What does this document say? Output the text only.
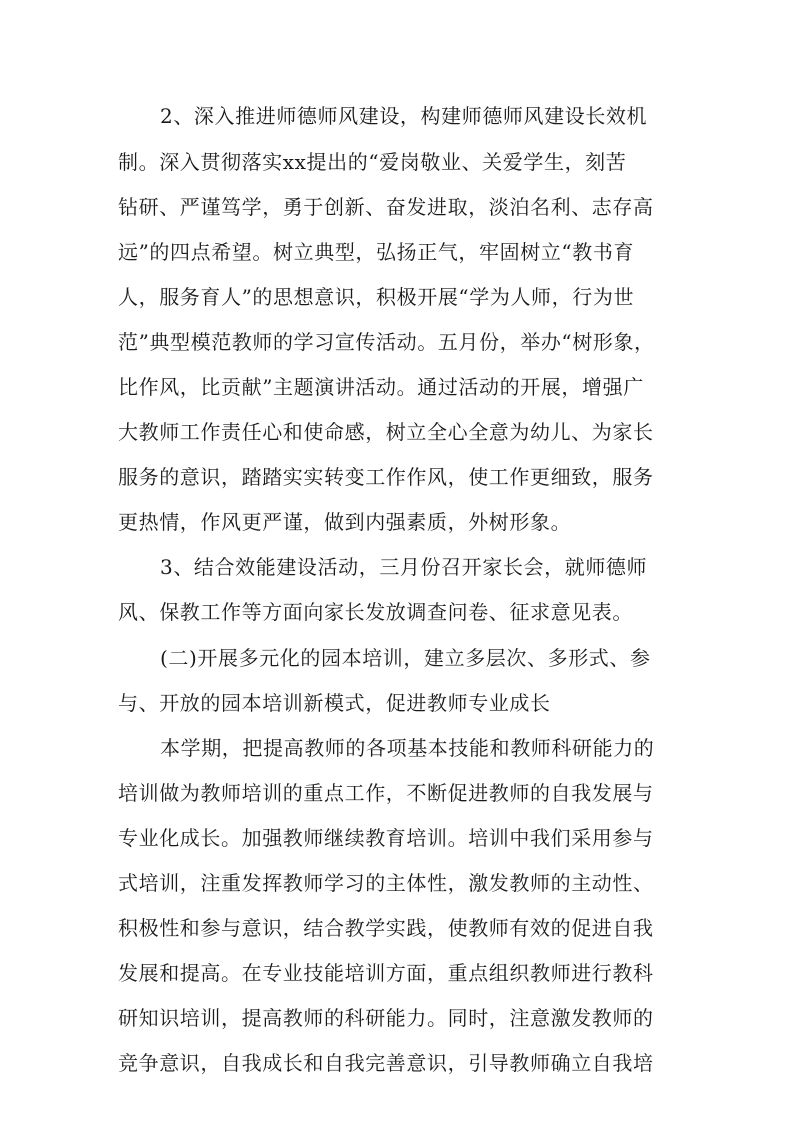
2、深入推进师德师风建设，构建师德师风建设长效机
制。深入贯彻落实xx提出的“爱岗敬业、关爱学生，刻苦
钻研、严谨笃学，勇于创新、奋发进取，淡泊名利、志存高
远”的四点希望。树立典型，弘扬正气，牢固树立“教书育
人，服务育人”的思想意识，积极开展“学为人师，行为世
范”典型模范教师的学习宣传活动。五月份，举办“树形象，
比作风，比贡献”主题演讲活动。通过活动的开展，增强广
大教师工作责任心和使命感，树立全心全意为幼儿、为家长
服务的意识，踏踏实实转变工作作风，使工作更细致，服务
更热情，作风更严谨，做到内强素质，外树形象。
3、结合效能建设活动，三月份召开家长会，就师德师
风、保教工作等方面向家长发放调查问卷、征求意见表。
(二)开展多元化的园本培训，建立多层次、多形式、参
与、开放的园本培训新模式，促进教师专业成长
本学期，把提高教师的各项基本技能和教师科研能力的
培训做为教师培训的重点工作，不断促进教师的自我发展与
专业化成长。加强教师继续教育培训。培训中我们采用参与
式培训，注重发挥教师学习的主体性，激发教师的主动性、
积极性和参与意识，结合教学实践，使教师有效的促进自我
发展和提高。在专业技能培训方面，重点组织教师进行教科
研知识培训，提高教师的科研能力。同时，注意激发教师的
竞争意识，自我成长和自我完善意识，引导教师确立自我培
